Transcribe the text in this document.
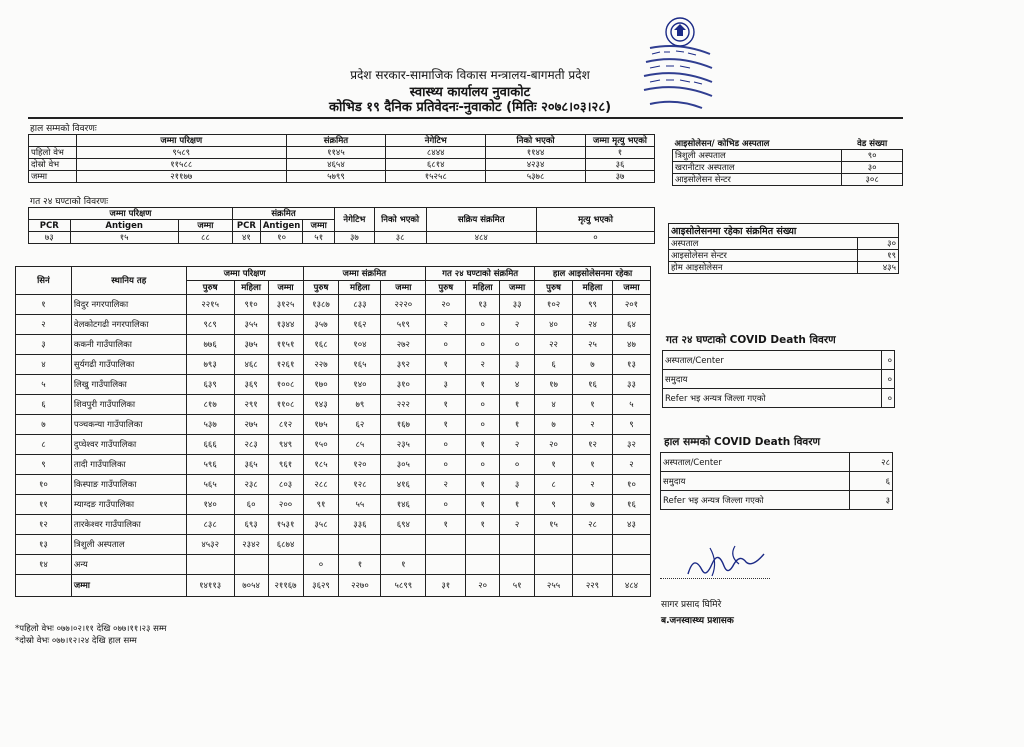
प्रदेश सरकार-सामाजिक विकास मन्त्रालय-बागमती प्रदेश
स्वास्थ्य कार्यालय नुवाकोट
कोभिड १९ दैनिक प्रतिवेदनः-नुवाकोट (मितिः २०७८।०३।२८)
हाल सम्मको विवरणः
	जम्मा परिक्षण	संक्रमित	नेगेटिभ	निको भएको	जम्मा मृत्यु भएको
पहिलो वेभ	९५८९	११४५	८४४४	११४४	१
दोस्रो वेभ	११५८८	४६५४	६८१४	४२३४	३६
जम्मा	२११७७	५७९९	१५२५८	५३७८	३७
आइसोलेसन/ कोभिड अस्पताल	वेड संख्या
त्रिशुली अस्पताल	९०
खरानीटार अस्पताल	३०
आइसोलेसन सेन्टर	३०८
गत २४ घण्टाको विवरणः
जम्मा परिक्षण			संक्रमित			नेगेटिभ	निको भएको	सक्रिय संक्रमित	मृत्यु भएको
PCR	Antigen	जम्मा	PCR	Antigen	जम्मा				
७३	१५	८८	४१	१०	५१	३७	३८	४८४	०
आइसोलेसनमा रहेका संक्रमित संख्या	
अस्पताल	३०
आइसोलेसन सेन्टर	१९
होम आइसोलेसन	४३५
सिनं	स्थानिय तह	जम्मा परिक्षण			जम्मा संक्रमित			गत २४ घण्टाको संक्रमित			हाल आइसोलेसनमा रहेका		
		पुरुष	महिला	जम्मा	पुरुष	महिला	जम्मा	पुरुष	महिला	जम्मा	पुरुष	महिला	जम्मा
१	विदुर नगरपालिका	२२१५	९१०	३१२५	१३८७	८३३	२२२०	२०	१३	३३	१०२	९९	२०१
२	वेलकोटगढी नगरपालिका	९८९	३५५	१३४४	३५७	१६२	५१९	२	०	२	४०	२४	६४
३	ककनी गाउँपालिका	७७६	३७५	११५१	१६८	१०४	२७२	०	०	०	२२	२५	४७
४	सुर्यगढी गाउँपालिका	७९३	४६८	१२६१	२२७	१६५	३९२	१	२	३	६	७	१३
५	लिखु गाउँपालिका	६३९	३६९	१००८	१७०	१४०	३१०	३	१	४	१७	१६	३३
६	शिवपुरी गाउँपालिका	८१७	२९१	११०८	१४३	७९	२२२	१	०	१	४	१	५
७	पञ्चकन्या गाउँपालिका	५३७	२७५	८१२	१७५	६२	१६७	१	०	१	७	२	९
८	दुप्चेश्वर गाउँपालिका	६६६	२८३	९४९	१५०	८५	२३५	०	१	२	२०	१२	३२
९	तादी गाउँपालिका	५९६	३६५	९६१	१८५	१२०	३०५	०	०	०	१	१	२
१०	किस्पाङ गाउँपालिका	५६५	२३८	८०३	२८८	१२८	४१६	२	१	३	८	२	१०
११	म्याग्दङ गाउँपालिका	१४०	६०	२००	९१	५५	१४६	०	१	१	९	७	१६
१२	तारकेश्वर गाउँपालिका	८३८	६९३	१५३१	३५८	३३६	६९४	१	१	२	१५	२८	४३
१३	त्रिशुली अस्पताल	४५३२	२३४२	६८७४									
१४	अन्य				०	१	१						
	जम्मा	१४११३	७०५४	२११६७	३६२९	२२७०	५८९९	३१	२०	५१	२५५	२२९	४८४
गत २४ घण्टाको COVID Death विवरण
अस्पताल/Center	०
समुदाय	०
Refer भइ अन्यत्र जिल्ला गएको	०
हाल सम्मको COVID Death विवरण
अस्पताल/Center	२८
समुदाय	६
Refer भइ अन्यत्र जिल्ला गएको	३
सागर प्रसाद घिमिरे
ब.जनस्वास्थ्य प्रशासक
*पहिलो वेभः ०७७।०२।११ देखि ०७७।११।२३ सम्म
*दोस्रो वेभः ०७७।१२।२४ देखि हाल सम्म
